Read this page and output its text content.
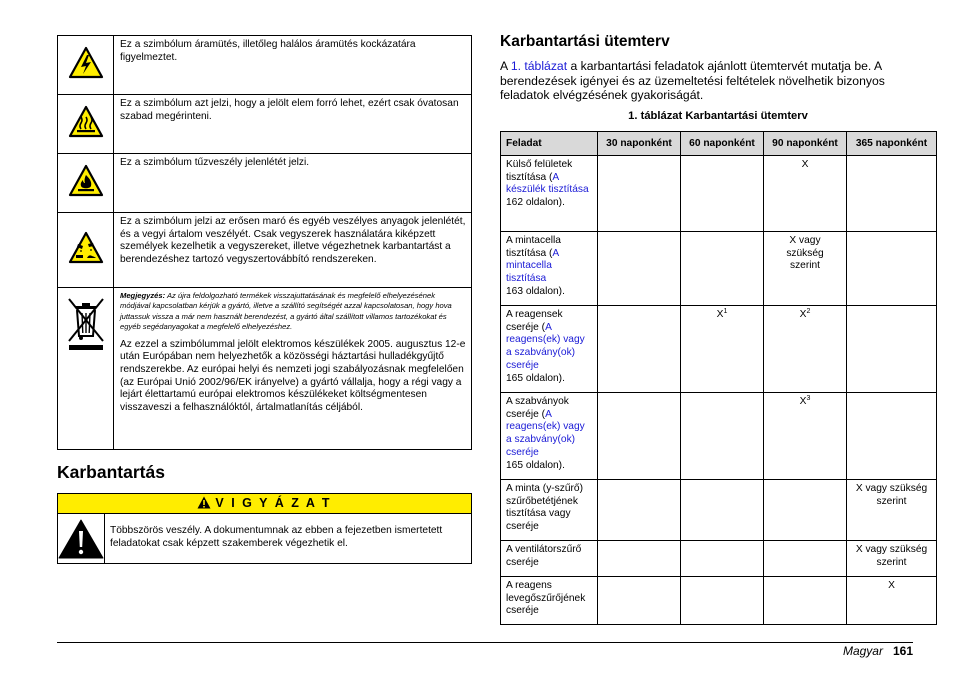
	Ez a szimbólum áramütés, illetőleg halálos áramütés kockázatára figyelmeztet.
	Ez a szimbólum azt jelzi, hogy a jelölt elem forró lehet, ezért csak óvatosan szabad megérinteni.
	Ez a szimbólum tűzveszély jelenlétét jelzi.
	Ez a szimbólum jelzi az erősen maró és egyéb veszélyes anyagok jelenlétét, és a vegyi ártalom veszélyét. Csak vegyszerek használatára kiképzett személyek kezelhetik a vegyszereket, illetve végezhetnek karbantartást a berendezéshez tartozó vegyszertovábbító rendszereken.

Megjegyzés: Az újra feldolgozható termékek visszajuttatásának és megfelelő elhelyezésének módjával kapcsolatban kérjük a gyártó, illetve a szállító segítségét azzal kapcsolatosan, hogy hova juttassuk vissza a már nem használt berendezést, a gyártó által szállított villamos tartozékokat és egyéb segédanyagokat a megfelelő elhelyezéshez.
Az ezzel a szimbólummal jelölt elektromos készülékek 2005. augusztus 12-e után Európában nem helyezhetők a közösségi háztartási hulladékgyűjtő rendszerekbe. Az európai helyi és nemzeti jogi szabályozásnak megfelelően (az Európai Unió 2002/96/EK irányelve) a gyártó vállalja, hogy a régi vagy a lejárt élettartamú európai elektromos készülékeket költségmentesen visszaveszi a felhasználóktól, ártalmatlanítás céljából.
Karbantartás
V I G Y Á Z A T
Többszörös veszély. A dokumentumnak az ebben a fejezetben ismertetett feladatokat csak képzett szakemberek végezhetik el.
Karbantartási ütemterv

A 1. táblázat a karbantartási feladatok ajánlott ütemtervét mutatja be. A berendezések igényei és az üzemeltetési feltételek növelhetik bizonyos feladatok elvégzésének gyakoriságát.

1. táblázat Karbantartási ütemterv
Feladat	30 naponként	60 naponként	90 naponként	365 naponként
Külső felületek tisztítása (A készülék tisztítása
162 oldalon).			X	
A mintacella tisztítása (A mintacella tisztítása
163 oldalon).			X vagy szükség szerint	
A reagensek cseréje (A reagens(ek) vagy a szabvány(ok) cseréje
165 oldalon).		$X^1$	$X^2$	
A szabványok cseréje (A reagens(ek) vagy a szabvány(ok) cseréje
165 oldalon).			$X^3$	
A minta (y-szűrő) szűrőbetétjének tisztítása vagy cseréje				X vagy szükség szerint
A ventilátorszűrő cseréje				X vagy szükség szerint
A reagens levegőszűrőjének cseréje				X
Magyar 161
